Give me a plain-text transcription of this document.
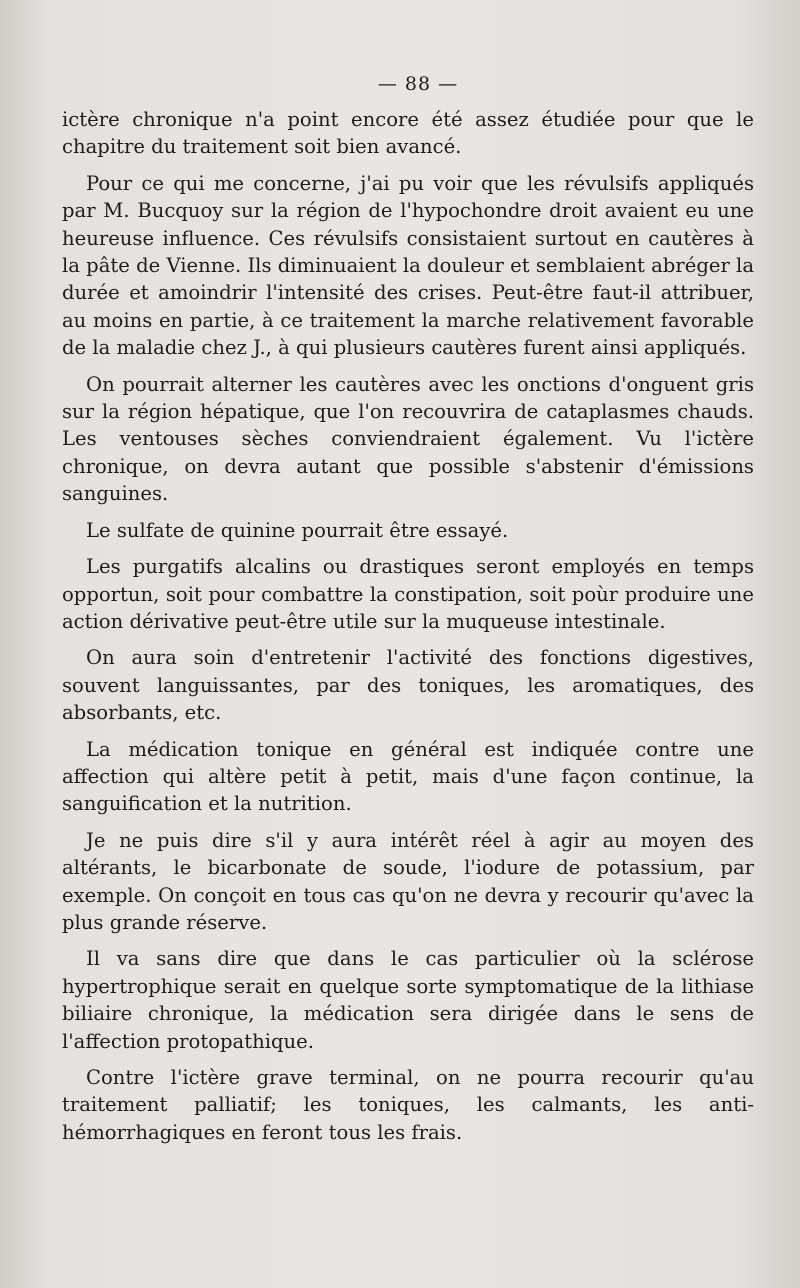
— 88 —

ictère chronique n'a point encore été assez étudiée pour que le chapitre du traitement soit bien avancé.

Pour ce qui me concerne, j'ai pu voir que les révulsifs appliqués par M. Bucquoy sur la région de l'hypochondre droit avaient eu une heureuse influence. Ces révulsifs consistaient surtout en cautères à la pâte de Vienne. Ils diminuaient la douleur et semblaient abréger la durée et amoindrir l'intensité des crises. Peut-être faut-il attribuer, au moins en partie, à ce traitement la marche relativement favorable de la maladie chez J., à qui plusieurs cautères furent ainsi appliqués.

On pourrait alterner les cautères avec les onctions d'onguent gris sur la région hépatique, que l'on recouvrira de cataplasmes chauds. Les ventouses sèches conviendraient également. Vu l'ictère chronique, on devra autant que possible s'abstenir d'émissions sanguines.

Le sulfate de quinine pourrait être essayé.

Les purgatifs alcalins ou drastiques seront employés en temps opportun, soit pour combattre la constipation, soit poùr produire une action dérivative peut-être utile sur la muqueuse intestinale.

On aura soin d'entretenir l'activité des fonctions digestives, souvent languissantes, par des toniques, les aromatiques, des absorbants, etc.

La médication tonique en général est indiquée contre une affection qui altère petit à petit, mais d'une façon continue, la sanguification et la nutrition.

Je ne puis dire s'il y aura intérêt réel à agir au moyen des altérants, le bicarbonate de soude, l'iodure de potassium, par exemple. On conçoit en tous cas qu'on ne devra y recourir qu'avec la plus grande réserve.

Il va sans dire que dans le cas particulier où la sclérose hypertrophique serait en quelque sorte symptomatique de la lithiase biliaire chronique, la médication sera dirigée dans le sens de l'affection protopathique.

Contre l'ictère grave terminal, on ne pourra recourir qu'au traitement palliatif; les toniques, les calmants, les anti-hémorrhagiques en feront tous les frais.
